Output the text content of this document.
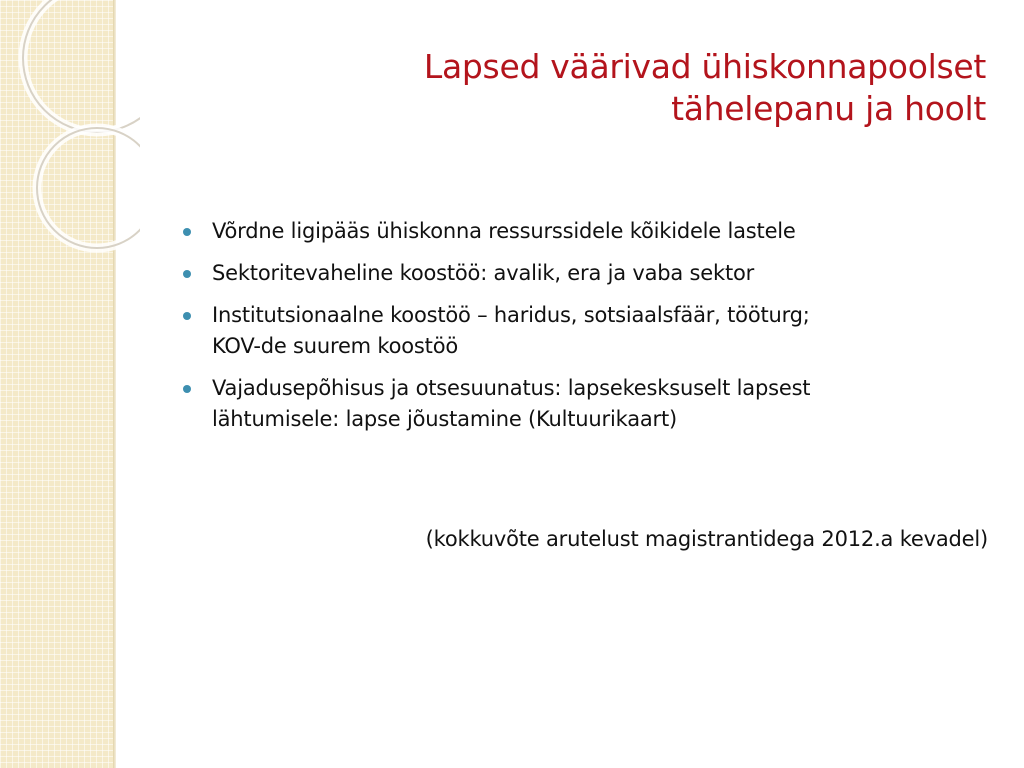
Lapsed väärivad ühiskonnapoolset
tähelepanu ja hoolt
Võrdne ligipääs ühiskonna ressurssidele kõikidele lastele
Sektoritevaheline koostöö: avalik, era ja vaba sektor
Institutsionaalne koostöö – haridus, sotsiaalsfäär, tööturg;
KOV-de suurem koostöö
Vajadusepõhisus ja otsesuunatus: lapsekesksuselt lapsest
lähtumisele: lapse jõustamine (Kultuurikaart)
(kokkuvõte arutelust magistrantidega 2012.a kevadel)
